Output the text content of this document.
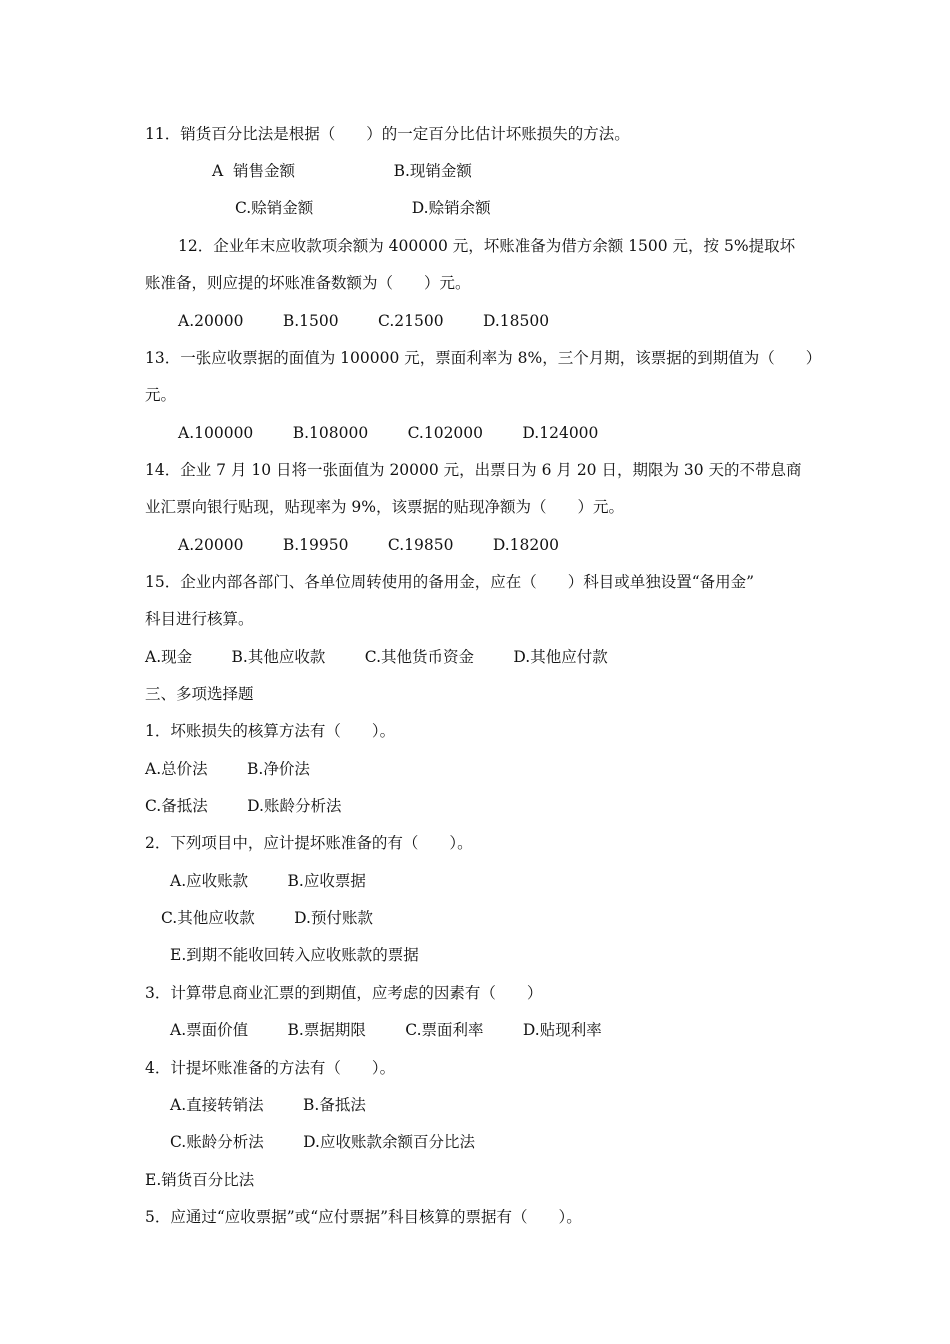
11．销货百分比法是根据（　　）的一定百分比估计坏账损失的方法。
A  销售金额                    B.现销金额
C.赊销金额                    D.赊销余额
12．企业年末应收款项余额为 400000 元，坏账准备为借方余额 1500 元，按 5%提取坏
账准备，则应提的坏账准备数额为（　　）元。
A.20000        B.1500        C.21500        D.18500
13．一张应收票据的面值为 100000 元，票面利率为 8%，三个月期，该票据的到期值为（　　）
元。
A.100000        B.108000        C.102000        D.124000
14．企业 7 月 10 日将一张面值为 20000 元，出票日为 6 月 20 日，期限为 30 天的不带息商
业汇票向银行贴现，贴现率为 9%，该票据的贴现净额为（　　）元。
A.20000        B.19950        C.19850        D.18200
15．企业内部各部门、各单位周转使用的备用金，应在（　　）科目或单独设置“备用金”
科目进行核算。
A.现金        B.其他应收款        C.其他货币资金        D.其他应付款
三、多项选择题
1．坏账损失的核算方法有（　　）。
A.总价法        B.净价法
C.备抵法        D.账龄分析法
2．下列项目中，应计提坏账准备的有（　　）。
A.应收账款        B.应收票据
C.其他应收款        D.预付账款
E.到期不能收回转入应收账款的票据
3．计算带息商业汇票的到期值，应考虑的因素有（　　）
A.票面价值        B.票据期限        C.票面利率        D.贴现利率
4．计提坏账准备的方法有（　　）。
A.直接转销法        B.备抵法
C.账龄分析法        D.应收账款余额百分比法
E.销货百分比法
5．应通过“应收票据”或“应付票据”科目核算的票据有（　　）。
